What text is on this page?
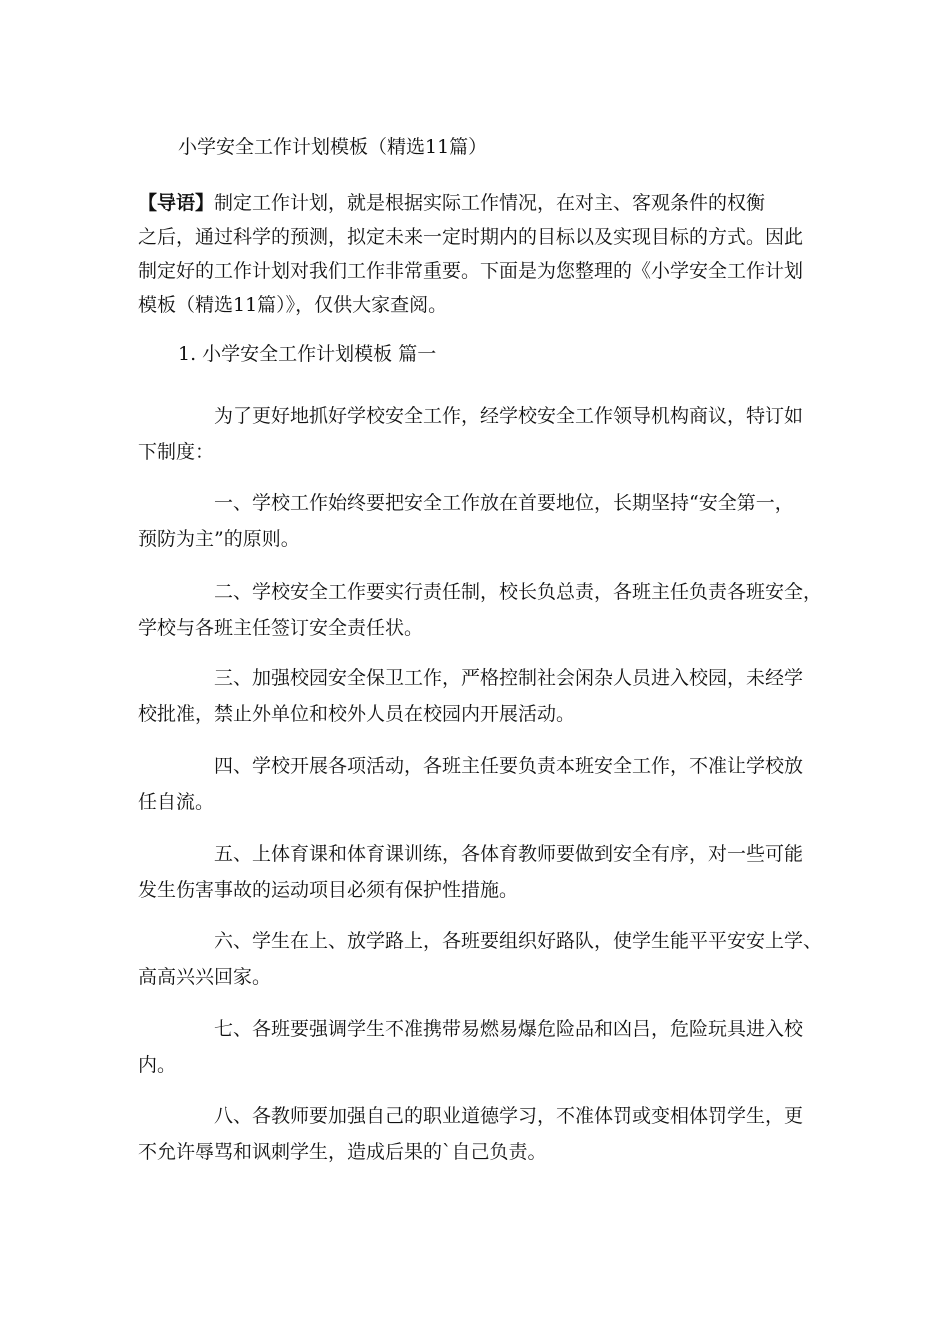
小学安全工作计划模板（精选11篇）
【导语】制定工作计划，就是根据实际工作情况，在对主、客观条件的权衡
之后，通过科学的预测，拟定未来一定时期内的目标以及实现目标的方式。因此
制定好的工作计划对我们工作非常重要。下面是为您整理的《小学安全工作计划
模板（精选11篇）》，仅供大家查阅。
1. 小学安全工作计划模板 篇一
为了更好地抓好学校安全工作，经学校安全工作领导机构商议，特订如
下制度：
一、学校工作始终要把安全工作放在首要地位，长期坚持“安全第一，
预防为主”的原则。
二、学校安全工作要实行责任制，校长负总责，各班主任负责各班安全，
学校与各班主任签订安全责任状。
三、加强校园安全保卫工作，严格控制社会闲杂人员进入校园，未经学
校批准，禁止外单位和校外人员在校园内开展活动。
四、学校开展各项活动，各班主任要负责本班安全工作，不准让学校放
任自流。
五、上体育课和体育课训练，各体育教师要做到安全有序，对一些可能
发生伤害事故的运动项目必须有保护性措施。
六、学生在上、放学路上，各班要组织好路队，使学生能平平安安上学、
高高兴兴回家。
七、各班要强调学生不准携带易燃易爆危险品和凶吕，危险玩具进入校
内。
八、各教师要加强自己的职业道德学习，不准体罚或变相体罚学生，更
不允许辱骂和讽刺学生，造成后果的`自己负责。
